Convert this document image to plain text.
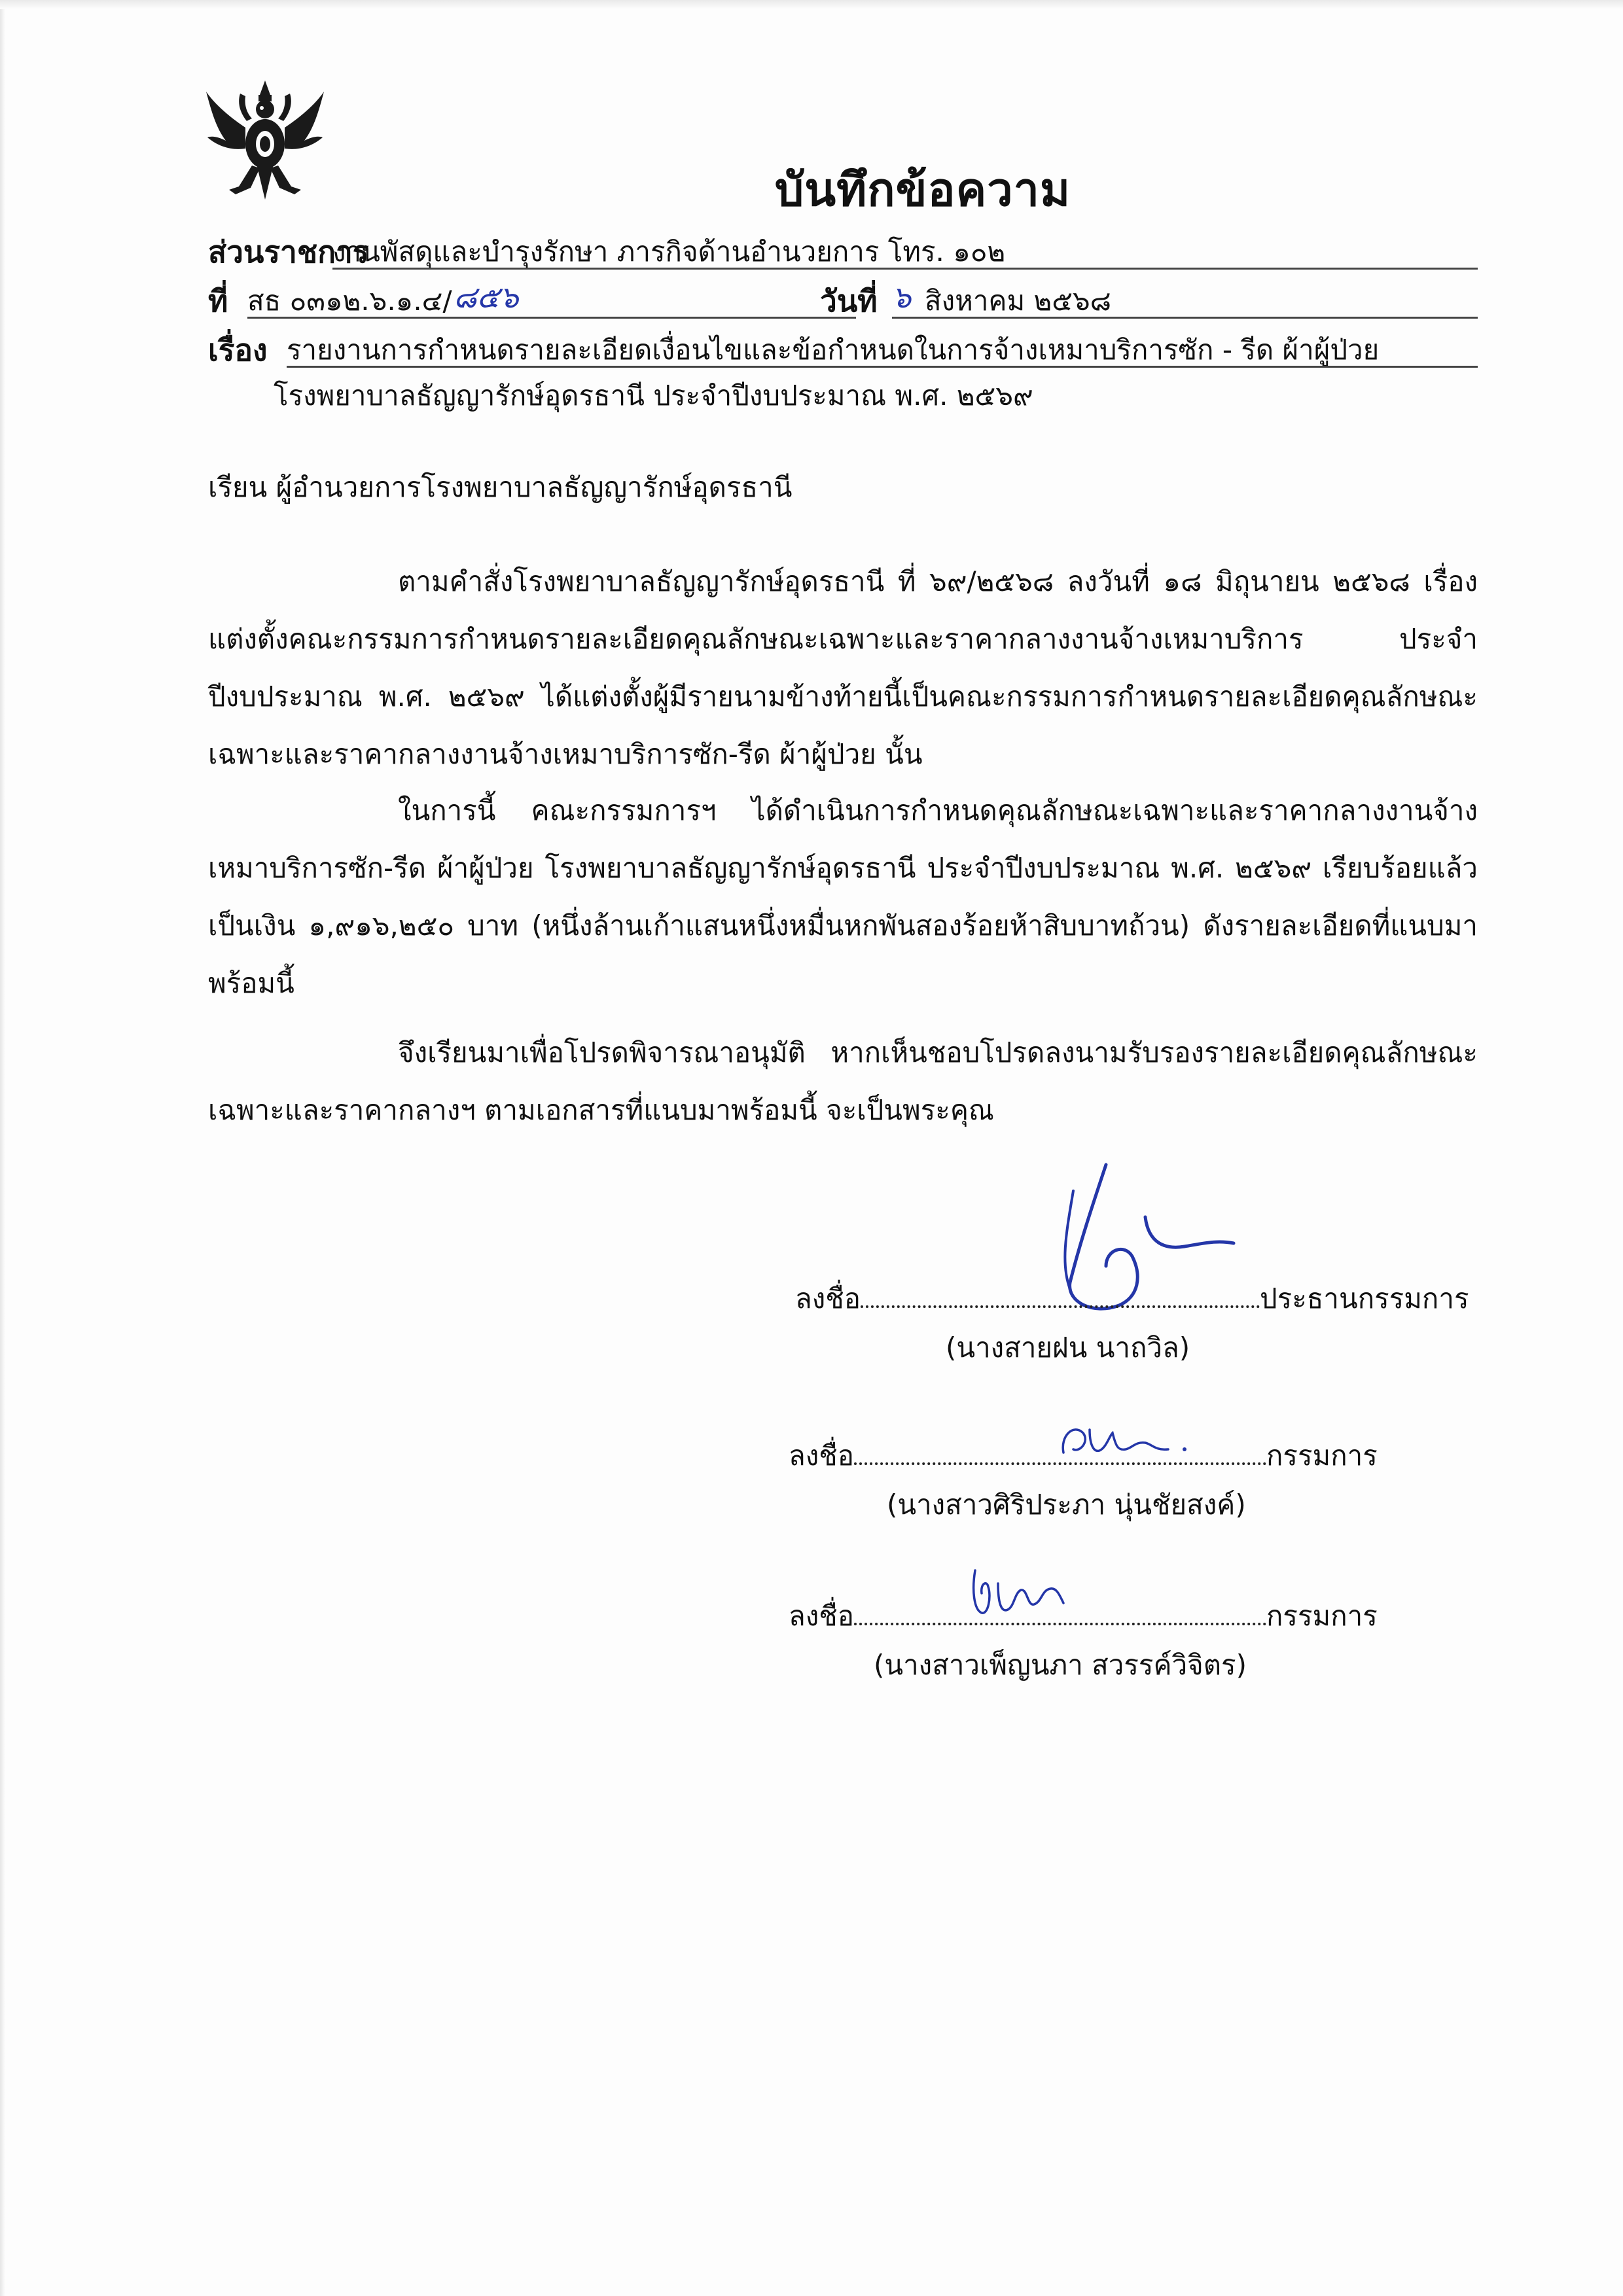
บันทึกข้อความ
ส่วนราชการ
งานพัสดุและบำรุงรักษา ภารกิจด้านอำนวยการ โทร. ๑๐๒
ที่ สธ ๐๓๑๒.๖.๑.๔/ ๘๕๖	วันที่ ๖ สิงหาคม ๒๕๖๘
เรื่อง รายงานการกำหนดรายละเอียดเงื่อนไขและข้อกำหนดในการจ้างเหมาบริการซัก - รีด ผ้าผู้ป่วย
โรงพยาบาลธัญญารักษ์อุดรธานี ประจำปีงบประมาณ พ.ศ. ๒๕๖๙
เรียน ผู้อำนวยการโรงพยาบาลธัญญารักษ์อุดรธานี
ตามคำสั่งโรงพยาบาลธัญญารักษ์อุดรธานี ที่ ๖๙/๒๕๖๘ ลงวันที่ ๑๘ มิถุนายน ๒๕๖๘ เรื่องแต่งตั้งคณะกรรมการกำหนดรายละเอียดคุณลักษณะเฉพาะและราคากลางงานจ้างเหมาบริการ ประจำปีงบประมาณ พ.ศ. ๒๕๖๙ ได้แต่งตั้งผู้มีรายนามข้างท้ายนี้เป็นคณะกรรมการกำหนดรายละเอียดคุณลักษณะเฉพาะและราคากลางงานจ้างเหมาบริการซัก-รีด ผ้าผู้ป่วย นั้น
ในการนี้ คณะกรรมการฯ ได้ดำเนินการกำหนดคุณลักษณะเฉพาะและราคากลางงานจ้างเหมาบริการซัก-รีด ผ้าผู้ป่วย โรงพยาบาลธัญญารักษ์อุดรธานี ประจำปีงบประมาณ พ.ศ. ๒๕๖๙ เรียบร้อยแล้ว เป็นเงิน ๑,๙๑๖,๒๕๐ บาท (หนึ่งล้านเก้าแสนหนึ่งหมื่นหกพันสองร้อยห้าสิบบาทถ้วน) ดังรายละเอียดที่แนบมาพร้อมนี้
จึงเรียนมาเพื่อโปรดพิจารณาอนุมัติ หากเห็นชอบโปรดลงนามรับรองรายละเอียดคุณลักษณะเฉพาะและราคากลางฯ ตามเอกสารที่แนบมาพร้อมนี้ จะเป็นพระคุณ
ลงชื่อ	ประธานกรรมการ
(นางสายฝน นาถวิล)
ลงชื่อ	กรรมการ
(นางสาวศิริประภา นุ่นชัยสงค์)
ลงชื่อ	กรรมการ
(นางสาวเพ็ญนภา สวรรค์วิจิตร)
